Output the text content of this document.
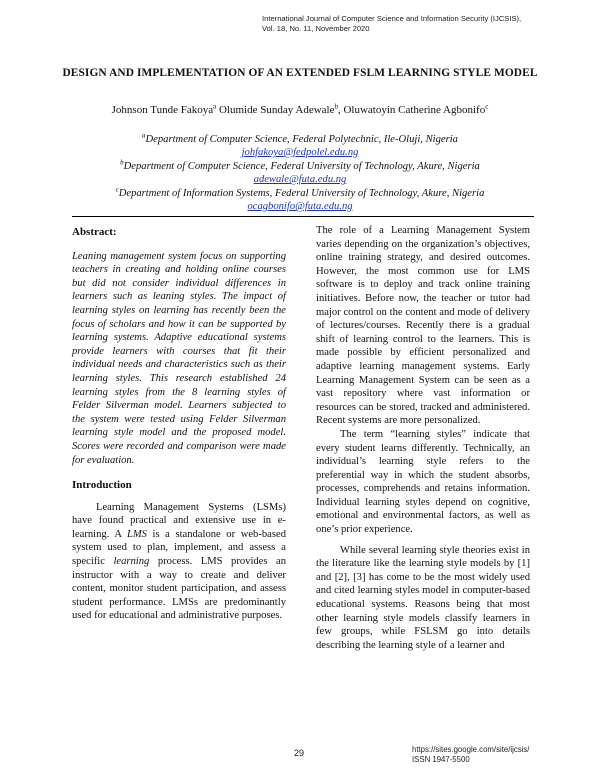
International Journal of Computer Science and Information Security (IJCSIS),
Vol. 18, No. 11, November 2020
DESIGN AND IMPLEMENTATION OF AN EXTENDED FSLM LEARNING STYLE MODEL
Johnson Tunde Fakoya$^a$ Olumide Sunday Adewale$^b$, Oluwatoyin Catherine Agbonifo$^c$
$^a$Department of Computer Science, Federal Polytechnic, Ile-Oluji, Nigeria
johfakoya@fedpolel.edu.ng
$^b$Department of Computer Science, Federal University of Technology, Akure, Nigeria
adewale@futa.edu.ng
$^c$Department of Information Systems, Federal University of Technology, Akure, Nigeria
ocagbonifo@futa.edu.ng
Abstract:

Leaning management system focus on supporting teachers in creating and holding online courses but did not consider individual differences in learners such as leaning styles. The impact of learning styles on learning has recently been the focus of scholars and how it can be supported by learning systems. Adaptive educational systems provide learners with courses that fit their individual needs and characteristics such as their learning styles. This research established 24 learning styles from the 8 learning styles of Felder Silverman model. Learners subjected to the system were tested using Felder Silverman learning style model and the proposed model. Scores were recorded and comparison were made for evaluation.

Introduction

Learning Management Systems (LSMs) have found practical and extensive use in e-learning. A LMS is a standalone or web-based system used to plan, implement, and assess a specific learning process. LMS provides an instructor with a way to create and deliver content, monitor student participation, and assess student performance. LMSs are predominantly used for educational and administrative purposes.

The role of a Learning Management System varies depending on the organization’s objectives, online training strategy, and desired outcomes. However, the most common use for LMS software is to deploy and track online training initiatives. Before now, the teacher or tutor had major control on the content and mode of delivery of lectures/courses. Recently there is a gradual shift of learning control to the learners. This is made possible by efficient personalized and adaptive learning management systems. Early Learning Management System can be seen as a vast repository where vast information or resources can be stored, tracked and administered. Recent systems are more personalized.

The term “learning styles” indicate that every student learns differently. Technically, an individual’s learning style refers to the preferential way in which the student absorbs, processes, comprehends and retains information. Individual learning styles depend on cognitive, emotional and environmental factors, as well as one’s prior experience.

While several learning style theories exist in the literature like the learning style models by [1] and [2], [3] has come to be the most widely used and cited learning styles model in computer-based educational systems. Reasons being that most other learning style models classify learners in few groups, while FSLSM go into details describing the learning style of a learner and

29	https://sites.google.com/site/ijcsis/
ISSN 1947-5500
